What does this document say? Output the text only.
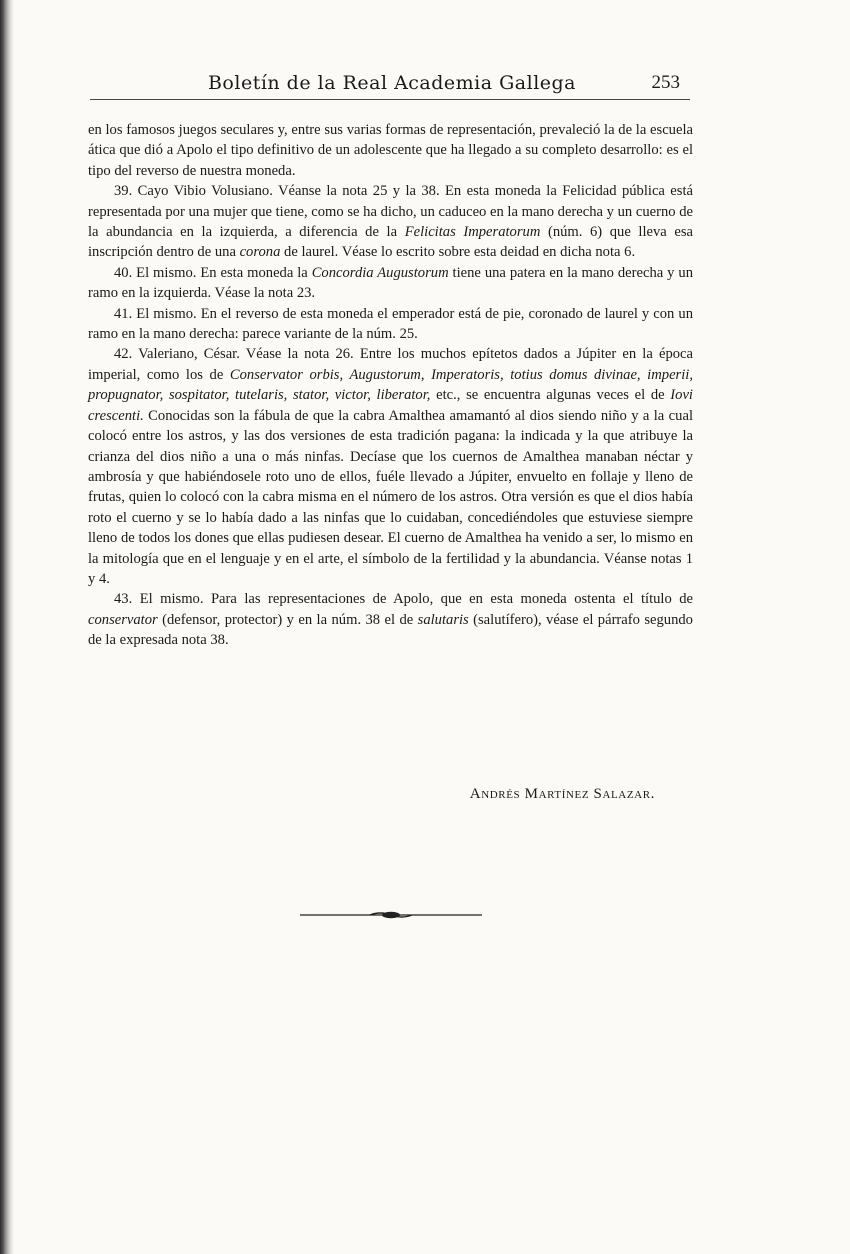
Boletín de la Real Academia Gallega	253

en los famosos juegos seculares y, entre sus varias formas de representación, prevaleció la de la escuela ática que dió a Apolo el tipo definitivo de un adolescente que ha llegado a su completo desarrollo: es el tipo del reverso de nuestra moneda.

39. Cayo Vibio Volusiano. Véanse la nota 25 y la 38. En esta moneda la Felicidad pública está representada por una mujer que tiene, como se ha dicho, un caduceo en la mano derecha y un cuerno de la abundancia en la izquierda, a diferencia de la Felicitas Imperatorum (núm. 6) que lleva esa inscripción dentro de una corona de laurel. Véase lo escrito sobre esta deidad en dicha nota 6.

40. El mismo. En esta moneda la Concordia Augustorum tiene una patera en la mano derecha y un ramo en la izquierda. Véase la nota 23.

41. El mismo. En el reverso de esta moneda el emperador está de pie, coronado de laurel y con un ramo en la mano derecha: parece variante de la núm. 25.

42. Valeriano, César. Véase la nota 26. Entre los muchos epítetos dados a Júpiter en la época imperial, como los de Conservator orbis, Augustorum, Imperatoris, totius domus divinae, imperii, propugnator, sospitator, tutelaris, stator, victor, liberator, etc., se encuentra algunas veces el de Iovi crescenti. Conocidas son la fábula de que la cabra Amalthea amamantó al dios siendo niño y a la cual colocó entre los astros, y las dos versiones de esta tradición pagana: la indicada y la que atribuye la crianza del dios niño a una o más ninfas. Decíase que los cuernos de Amalthea manaban néctar y ambrosía y que habiéndosele roto uno de ellos, fuéle llevado a Júpiter, envuelto en follaje y lleno de frutas, quien lo colocó con la cabra misma en el número de los astros. Otra versión es que el dios había roto el cuerno y se lo había dado a las ninfas que lo cuidaban, concediéndoles que estuviese siempre lleno de todos los dones que ellas pudiesen desear. El cuerno de Amalthea ha venido a ser, lo mismo en la mitología que en el lenguaje y en el arte, el símbolo de la fertilidad y la abundancia. Véanse notas 1 y 4.

43. El mismo. Para las representaciones de Apolo, que en esta moneda ostenta el título de conservator (defensor, protector) y en la núm. 38 el de salutaris (salutífero), véase el párrafo segundo de la expresada nota 38.

Andrés Martínez Salazar.
